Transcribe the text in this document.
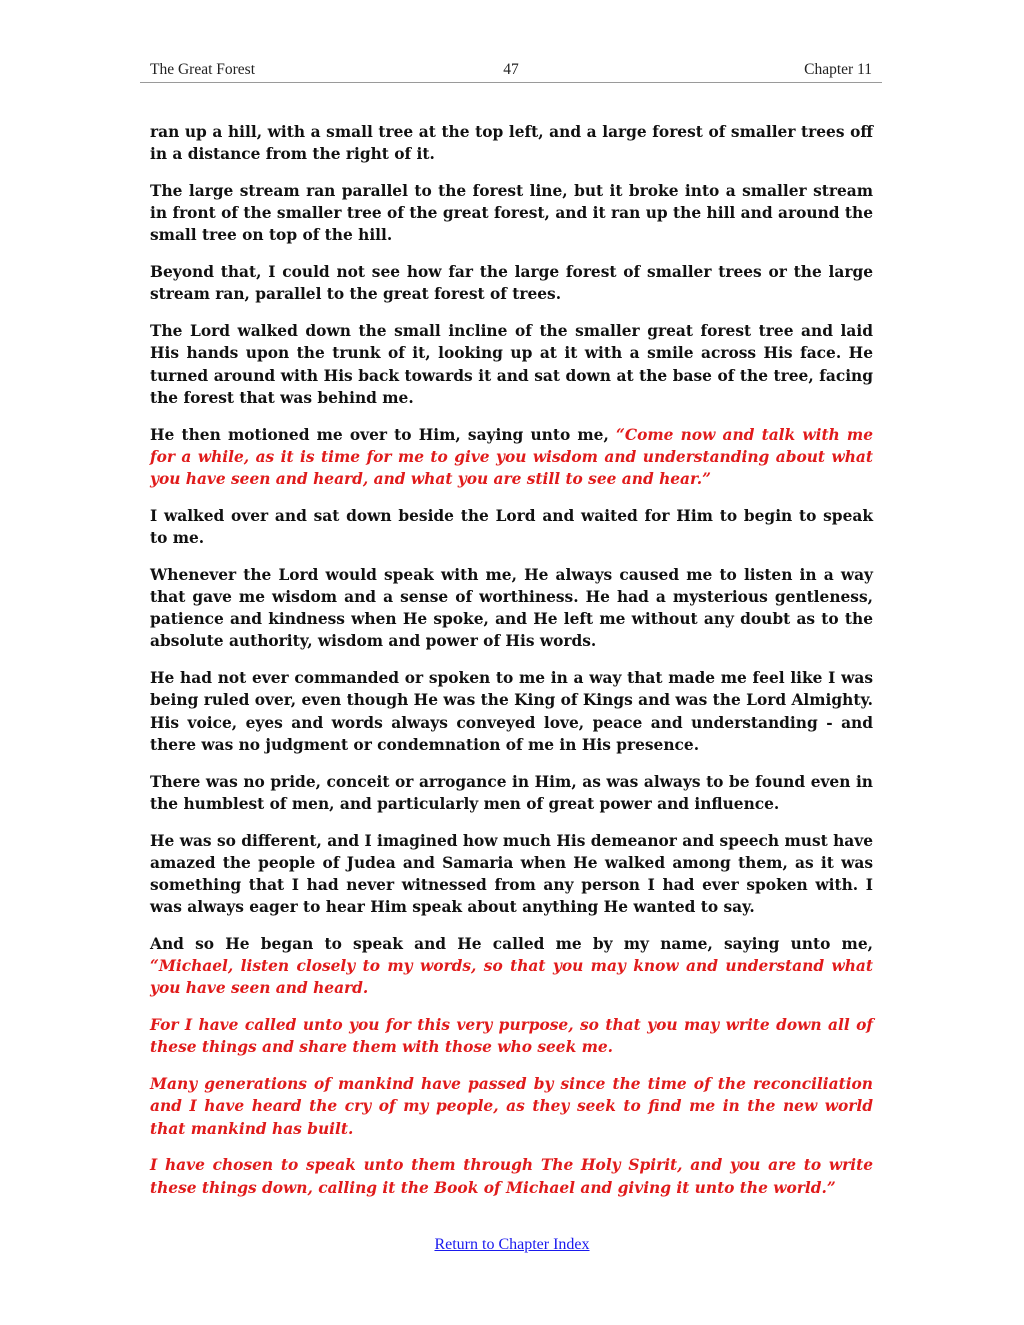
The Great Forest	47	Chapter 11

ran up a hill, with a small tree at the top left, and a large forest of smaller trees off in a distance from the right of it.

The large stream ran parallel to the forest line, but it broke into a smaller stream in front of the smaller tree of the great forest, and it ran up the hill and around the small tree on top of the hill.

Beyond that, I could not see how far the large forest of smaller trees or the large stream ran, parallel to the great forest of trees.

The Lord walked down the small incline of the smaller great forest tree and laid His hands upon the trunk of it, looking up at it with a smile across His face. He turned around with His back towards it and sat down at the base of the tree, facing the forest that was behind me.

He then motioned me over to Him, saying unto me, “Come now and talk with me for a while, as it is time for me to give you wisdom and understanding about what you have seen and heard, and what you are still to see and hear.”

I walked over and sat down beside the Lord and waited for Him to begin to speak to me.

Whenever the Lord would speak with me, He always caused me to listen in a way that gave me wisdom and a sense of worthiness. He had a mysterious gentleness, patience and kindness when He spoke, and He left me without any doubt as to the absolute authority, wisdom and power of His words.

He had not ever commanded or spoken to me in a way that made me feel like I was being ruled over, even though He was the King of Kings and was the Lord Almighty. His voice, eyes and words always conveyed love, peace and understanding - and there was no judgment or condemnation of me in His presence.

There was no pride, conceit or arrogance in Him, as was always to be found even in the humblest of men, and particularly men of great power and influence.

He was so different, and I imagined how much His demeanor and speech must have amazed the people of Judea and Samaria when He walked among them, as it was something that I had never witnessed from any person I had ever spoken with. I was always eager to hear Him speak about anything He wanted to say.

And so He began to speak and He called me by my name, saying unto me, “Michael, listen closely to my words, so that you may know and understand what you have seen and heard.

For I have called unto you for this very purpose, so that you may write down all of these things and share them with those who seek me.

Many generations of mankind have passed by since the time of the reconciliation and I have heard the cry of my people, as they seek to find me in the new world that mankind has built.

I have chosen to speak unto them through The Holy Spirit, and you are to write these things down, calling it the Book of Michael and giving it unto the world.”

Return to Chapter Index
